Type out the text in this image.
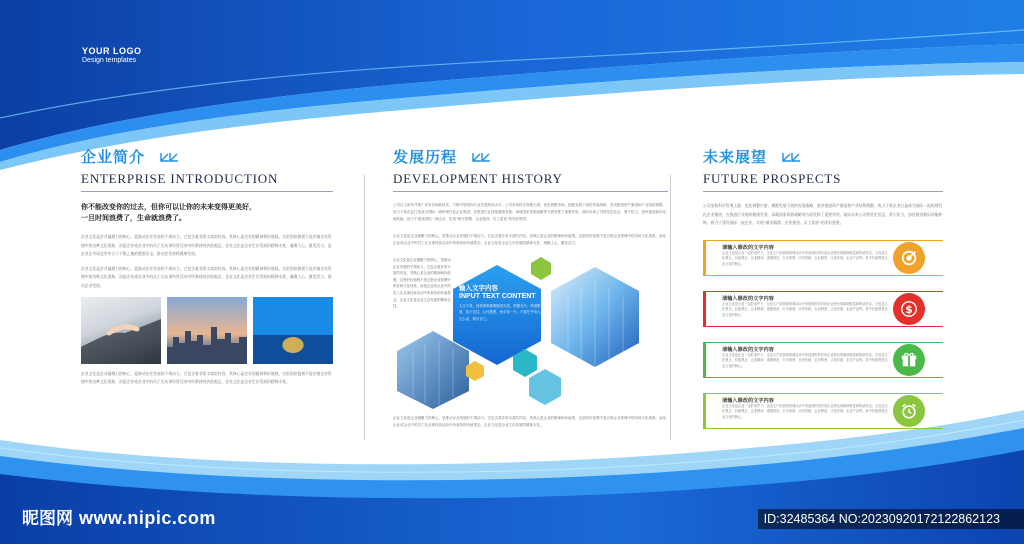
YOUR LOGO
Design templates
企业简介
ENTERPRISE INTRODUCTION
你不能改变你的过去，但你可以让你的未来变得更美好，
一旦时间浪费了，生命就浪费了。
企业文化是企业凝聚力的核心，是推动企业发展的不竭动力。它包含着非常丰富的内容，其核心是企业的精神和价值观。这里的价值观不是泛指企业管理中的各种文化现象，而是企业或企业中的员工在从事经营活动中所秉持的价值观念。企业文化是企业生存发展的精神支柱，凝聚人心，激发活力，是企业在市场竞争中立于不败之地的重要法宝，推动企业持续健康发展。
企业文化是企业凝聚力的核心，是推动企业发展的不竭动力。它包含着非常丰富的内容，其核心是企业的精神和价值观。这里的价值观不是泛指企业管理中的各种文化现象，而是企业或企业中的员工在从事经营活动中所秉持的价值观念，企业文化是企业生存发展的精神支柱，凝聚人心，激发活力，推动企业发展。
企业文化是企业凝聚力的核心，是推动企业发展的不竭动力。它包含着非常丰富的内容，其核心是企业的精神和价值观。这里的价值观不是泛指企业管理中的各种文化现象，而是企业或企业中的员工在从事经营活动中所秉持的价值观念，企业文化是企业生存发展的精神支柱。
发展历程
DEVELOPMENT HISTORY
公司自主研发并推广应用各种新技术，不断引领国内行业先进制造水平。公司坚持科学管理上游、优化调整市场，拥抱发展下游的发展战略，坚决推进资产重组和产业结构调整，致力于将企业打造成为国际一流的现代化企业集团，在推进行业持续健康发展、承载国家资源战略等方面发挥了重要作用。面向未来公司将坚定信念，勇于担当，加快推进新旧动能转换，致力于建设国际一流企业，实现“做专做精、企业强劲、员工富裕”的美好愿景。
企业文化是企业凝聚力的核心，是推动企业发展的不竭动力。它包含着非常丰富的内容，其核心是企业的精神和价值观。这里的价值观不是泛指企业管理中的各种文化现象，而是企业或企业中的员工在从事经营活动中所秉持的价值观念，企业文化是企业生存发展的精神支柱，凝聚人心，激发活力。
企业文化是企业凝聚力的核心，是推动企业发展的不竭动力。它包含着非常丰富的内容，其核心是企业的精神和价值观，这里的价值观不是泛指企业管理中的各种文化现象，而是企业或企业中的员工在从事经营活动中所秉持的价值观念，企业文化是企业生存发展的精神支柱。
输入文字内容
INPUT TEXT CONTENT
人生不易，何须事事都要做到完美，把握今天，珍惜眼前，放下过往，心怀感恩，快乐每一天，不要在乎别人怎么说，做好自己。
企业文化是企业凝聚力的核心，是推动企业发展的不竭动力。它包含着非常丰富的内容，其核心是企业的精神和价值观，这里的价值观不是泛指企业管理中的各种文化现象，而是企业或企业中的员工在从事经营活动中所秉持的价值观念，企业文化是企业生存发展的精神支柱。
未来展望
FUTURE PROSPECTS
公司坚持科学管理上游、优化调整中游、拥抱发展下游的发展战略，坚决推进资产重组和产业结构调整，致力于将企业打造成为国际一流的现代化企业集团，在推进行业持续健康发展、承载国家资源战略等方面发挥了重要作用。面向未来公司将坚定信念，勇于担当，加快推进新旧动能转换，致力于建设国际一流企业，实现“做专做精、企业强劲、员工富裕”的美好愿景。
请输入修改的文字内容
企业文化是企业一定的条件下，企业生产经营和管理活动中所创造的具有该企业特色的精神财富和物质形态。它包括文化观念、价值观念、企业精神、道德规范、行为准则、历史传统、企业制度、文化环境、企业产品等。其中价值观是企业文化的核心。
请输入修改的文字内容
企业文化是企业一定的条件下，企业生产经营和管理活动中所创造的具有该企业特色的精神财富和物质形态。它包括文化观念、价值观念、企业精神、道德规范、行为准则、历史传统、企业制度、文化环境、企业产品等。其中价值观是企业文化的核心。	$
请输入修改的文字内容
企业文化是企业一定的条件下，企业生产经营和管理活动中所创造的具有该企业特色的精神财富和物质形态。它包括文化观念、价值观念、企业精神、道德规范、行为准则、历史传统、企业制度、文化环境、企业产品等。其中价值观是企业文化的核心。
请输入修改的文字内容
企业文化是企业一定的条件下，企业生产经营和管理活动中所创造的具有该企业特色的精神财富和物质形态。它包括文化观念、价值观念、企业精神、道德规范、行为准则、历史传统、企业制度、文化环境、企业产品等。其中价值观是企业文化的核心。
昵图网 www.nipic.com	ID:32485364 NO:20230920172122862123
